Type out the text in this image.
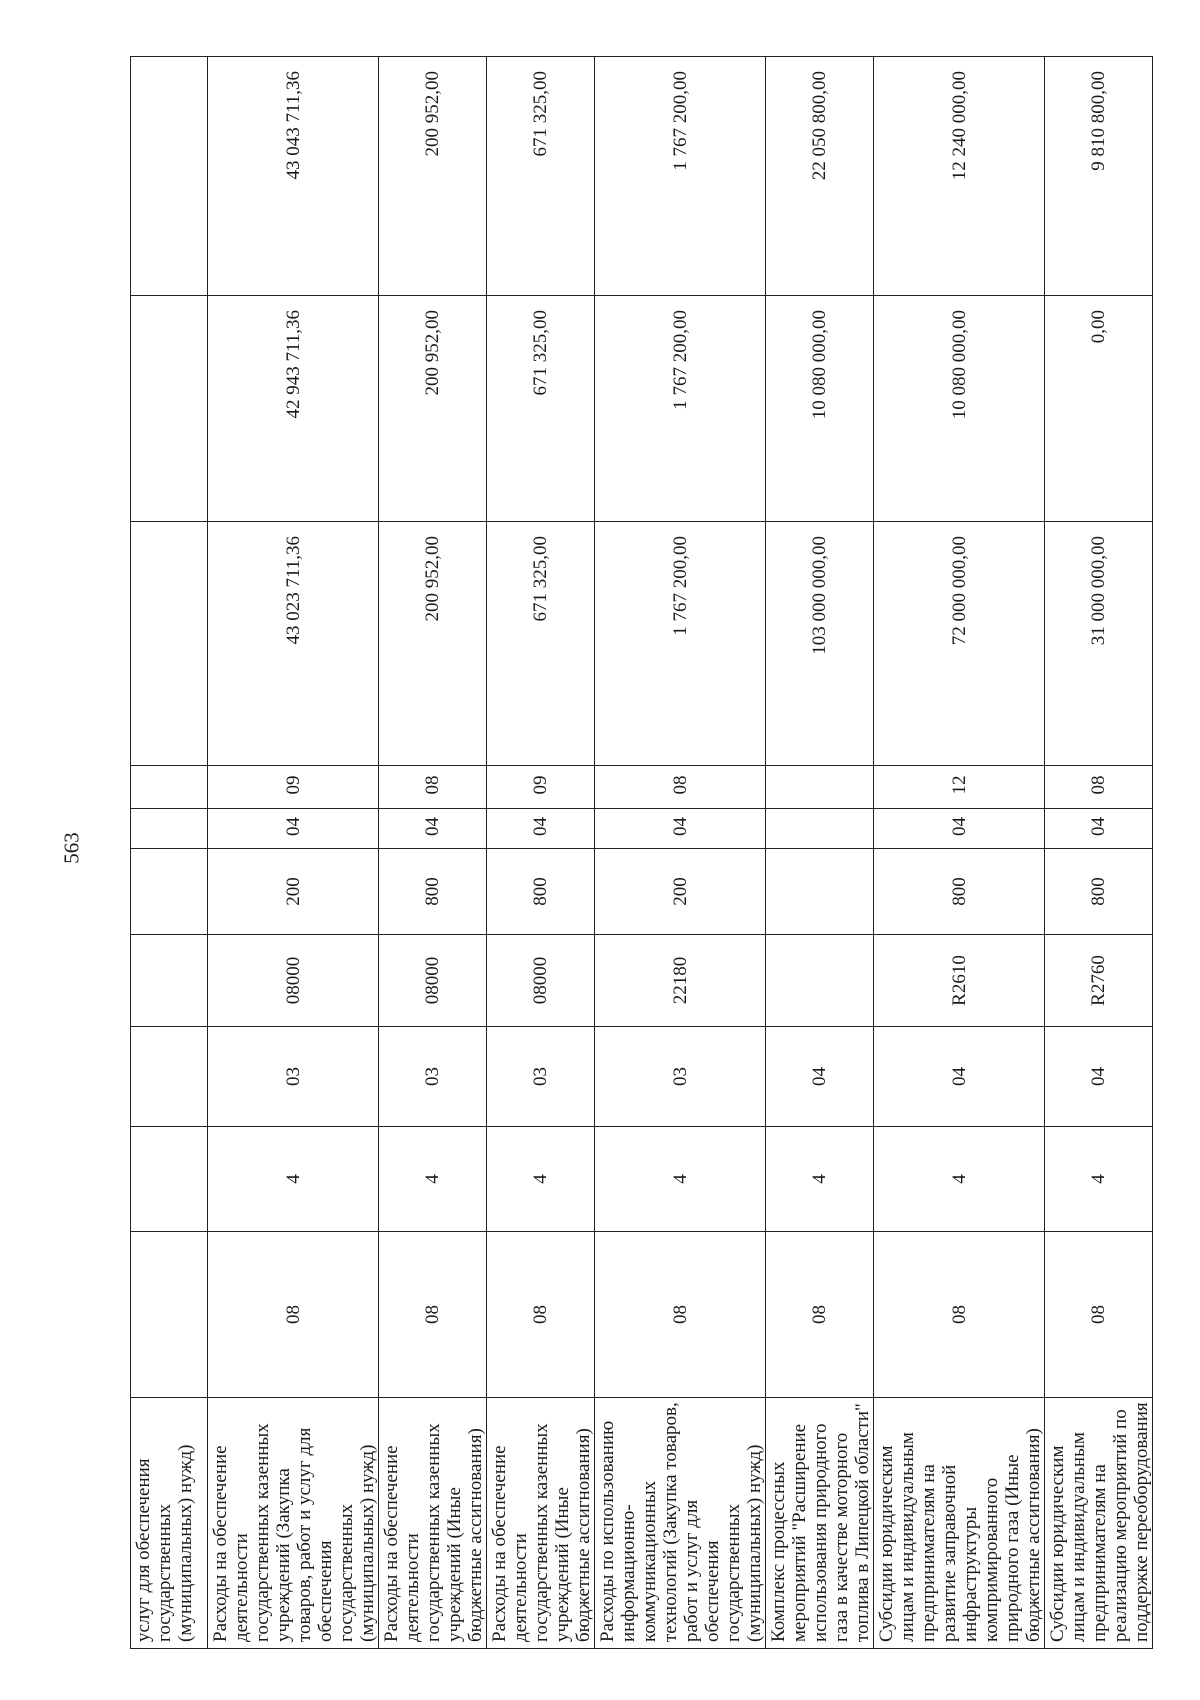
563
услуг для обеспечения государственных (муниципальных) нужд)										
Расходы на обеспечение деятельности государственных казенных учреждений (Закупка товаров, работ и услуг для обеспечения государственных (муниципальных) нужд)	08	4	03	08000	200	04	09	43 023 711,36	42 943 711,36	43 043 711,36
Расходы на обеспечение деятельности государственных казенных учреждений (Иные бюджетные ассигнования)	08	4	03	08000	800	04	08	200 952,00	200 952,00	200 952,00
Расходы на обеспечение деятельности государственных казенных учреждений (Иные бюджетные ассигнования)	08	4	03	08000	800	04	09	671 325,00	671 325,00	671 325,00
Расходы по использованию информационно-коммуникационных технологий (Закупка товаров, работ и услуг для обеспечения государственных (муниципальных) нужд)	08	4	03	22180	200	04	08	1 767 200,00	1 767 200,00	1 767 200,00
Комплекс процессных мероприятий "Расширение использования природного газа в качестве моторного топлива в Липецкой области"	08	4	04					103 000 000,00	10 080 000,00	22 050 800,00
Субсидии юридическим лицам и индивидуальным предпринимателям на развитие заправочной инфраструктуры компримированного природного газа (Иные бюджетные ассигнования)	08	4	04	R2610	800	04	12	72 000 000,00	10 080 000,00	12 240 000,00
Субсидии юридическим лицам и индивидуальным предпринимателям на реализацию мероприятий по поддержке переоборудования	08	4	04	R2760	800	04	08	31 000 000,00	0,00	9 810 800,00
